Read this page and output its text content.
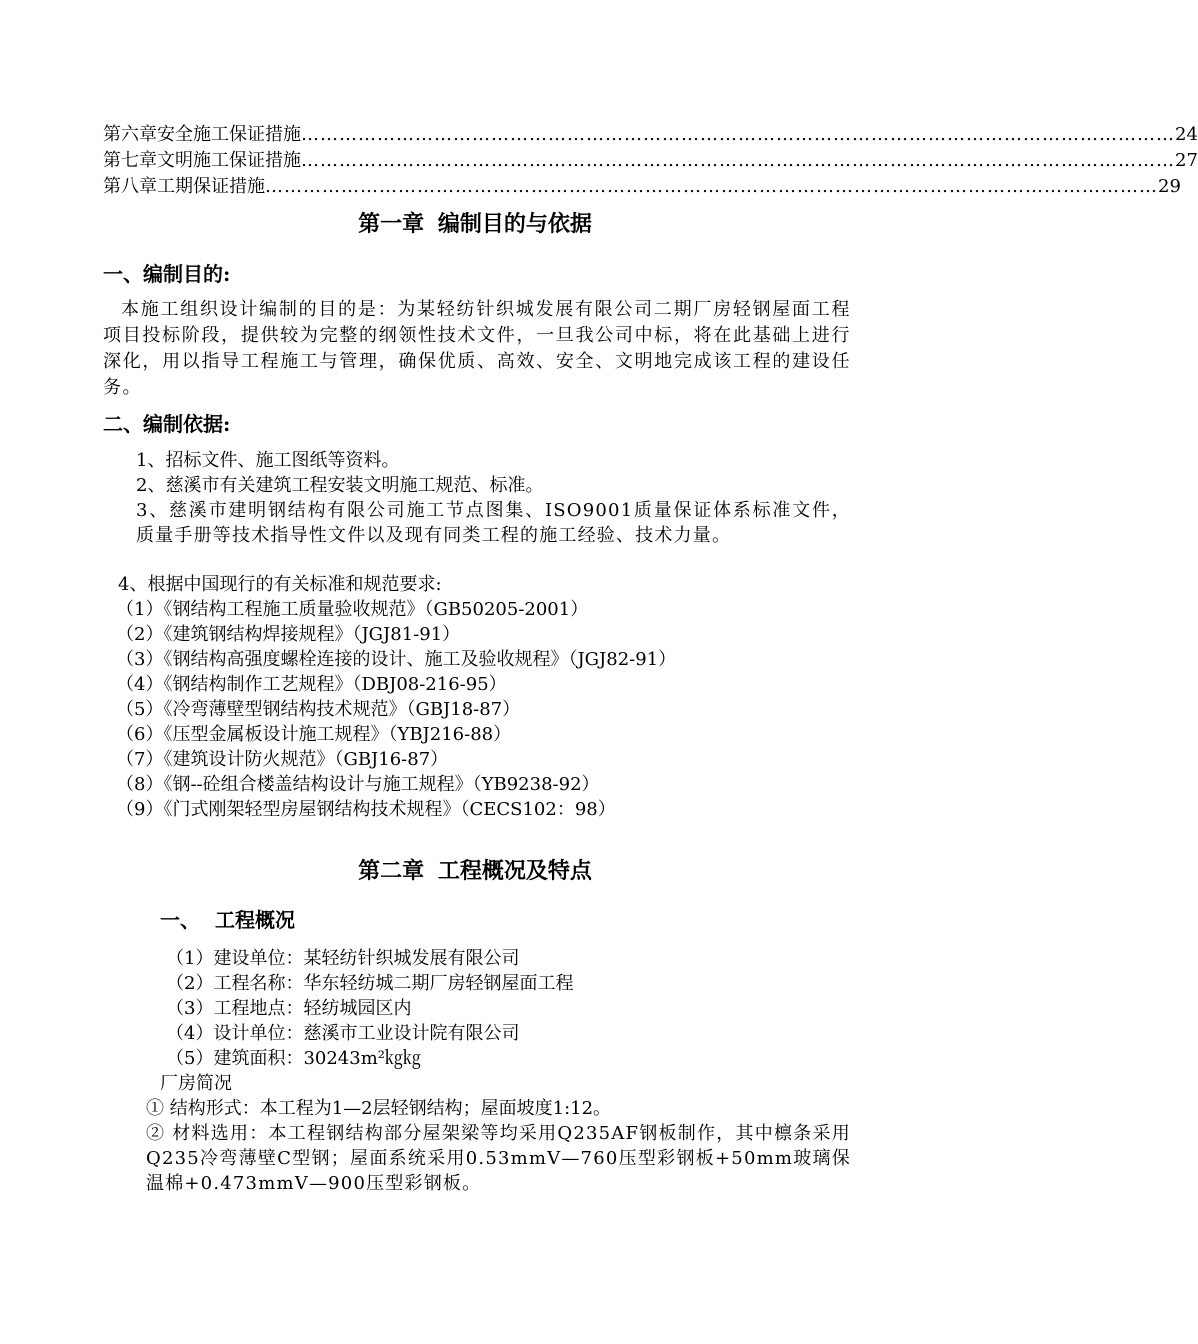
第六章 安全施工保证措施 ………………………………………………………………………………………………………………………… 24
第七章 文明施工保证措施 ………………………………………………………………………………………………………………………… 27
第八章 工期保证措施 …………………………………………………………………………………………………………………………… 29
第一章 编制目的与依据
一、编制目的:
本施工组织设计编制的目的是：为某轻纺针织城发展有限公司二期厂房轻钢屋面工程项目投标阶段，提供较为完整的纲领性技术文件，一旦我公司中标，将在此基础上进行深化，用以指导工程施工与管理，确保优质、高效、安全、文明地完成该工程的建设任务。
二、编制依据:
1、招标文件、施工图纸等资料。
2、慈溪市有关建筑工程安装文明施工规范、标准。
3、慈溪市建明钢结构有限公司施工节点图集、ISO9001质量保证体系标准文件，质量手册等技术指导性文件以及现有同类工程的施工经验、技术力量。
4、根据中国现行的有关标准和规范要求:
（1）《钢结构工程施工质量验收规范》（GB50205-2001）
（2）《建筑钢结构焊接规程》（JGJ81-91）
（3）《钢结构高强度螺栓连接的设计、施工及验收规程》（JGJ82-91）
（4）《钢结构制作工艺规程》（DBJ08-216-95）
（5）《冷弯薄壁型钢结构技术规范》（GBJ18-87）
（6）《压型金属板设计施工规程》（YBJ216-88）
（7）《建筑设计防火规范》（GBJ16-87）
（8）《钢--砼组合楼盖结构设计与施工规程》（YB9238-92）
（9）《门式刚架轻型房屋钢结构技术规程》（CECS102：98）
第二章 工程概况及特点
一、 工程概况
（1）建设单位：某轻纺针织城发展有限公司
（2）工程名称：华东轻纺城二期厂房轻钢屋面工程
（3）工程地点：轻纺城园区内
（4）设计单位：慈溪市工业设计院有限公司
（5）建筑面积：30243m²㎏㎏
厂房简况
① 结构形式：本工程为1—2层轻钢结构；屋面坡度1:12。
② 材料选用：本工程钢结构部分屋架梁等均采用Q235AF钢板制作，其中檩条采用Q235冷弯薄壁C型钢；屋面系统采用0.53mmV—760压型彩钢板+50mm玻璃保温棉+0.473mmV—900压型彩钢板。
